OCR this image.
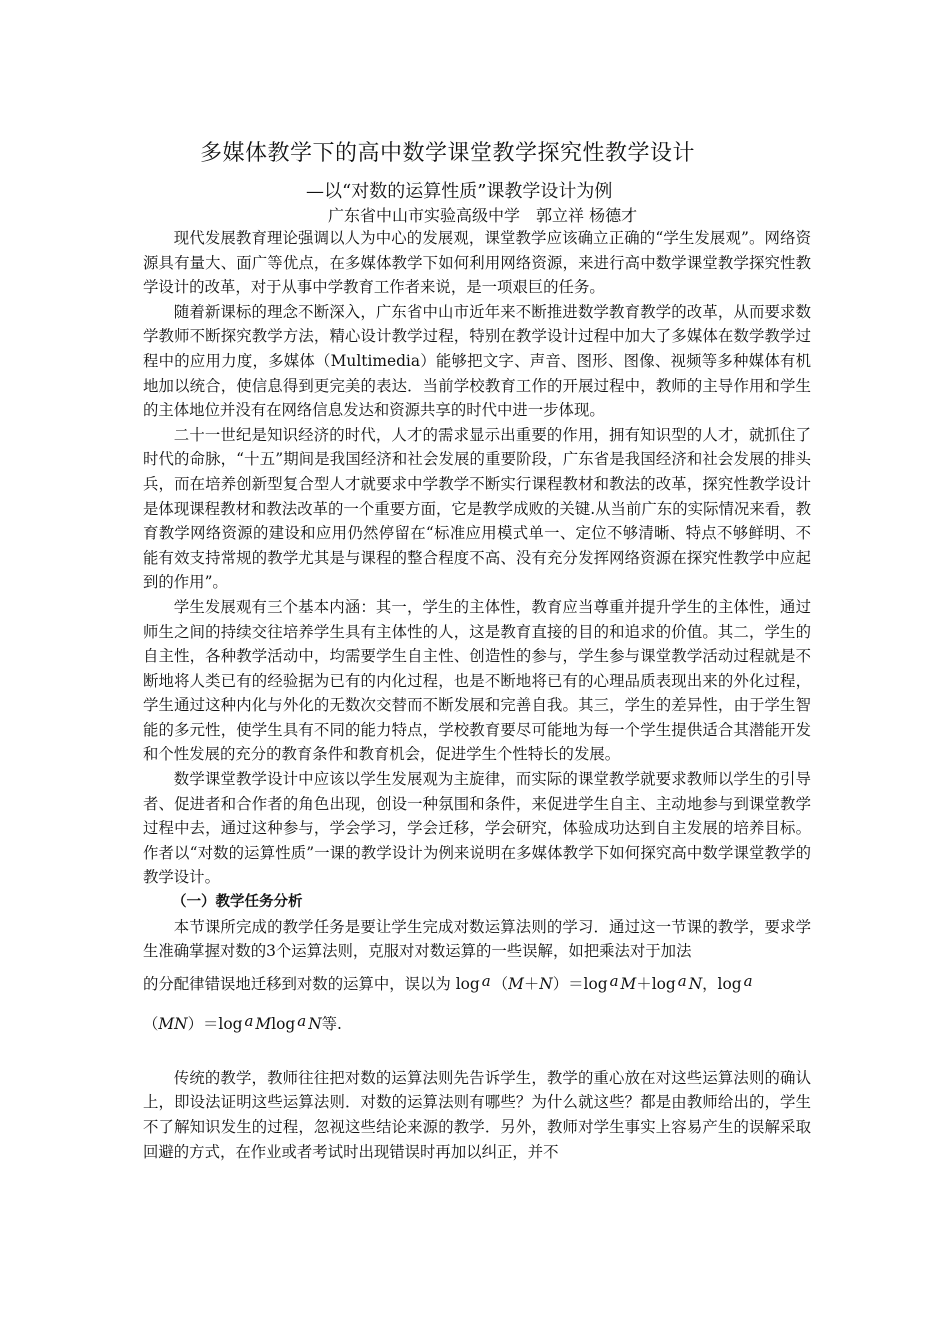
多媒体教学下的高中数学课堂教学探究性教学设计
—以“对数的运算性质”课教学设计为例
广东省中山市实验高级中学　郭立祥 杨德才

现代发展教育理论强调以人为中心的发展观，课堂教学应该确立正确的“学生发展观”。网络资源具有量大、面广等优点，在多媒体教学下如何利用网络资源，来进行高中数学课堂教学探究性教学设计的改革，对于从事中学教育工作者来说，是一项艰巨的任务。

随着新课标的理念不断深入，广东省中山市近年来不断推进数学教育教学的改革，从而要求数学教师不断探究教学方法，精心设计教学过程，特别在教学设计过程中加大了多媒体在数学教学过程中的应用力度，多媒体（Multimedia）能够把文字、声音、图形、图像、视频等多种媒体有机地加以统合，使信息得到更完美的表达．当前学校教育工作的开展过程中，教师的主导作用和学生的主体地位并没有在网络信息发达和资源共享的时代中进一步体现。

二十一世纪是知识经济的时代，人才的需求显示出重要的作用，拥有知识型的人才，就抓住了时代的命脉，“十五”期间是我国经济和社会发展的重要阶段，广东省是我国经济和社会发展的排头兵，而在培养创新型复合型人才就要求中学教学不断实行课程教材和教法的改革，探究性教学设计是体现课程教材和教法改革的一个重要方面，它是教学成败的关键.从当前广东的实际情况来看，教育教学网络资源的建设和应用仍然停留在“标准应用模式单一、定位不够清晰、特点不够鲜明、不能有效支持常规的教学尤其是与课程的整合程度不高、没有充分发挥网络资源在探究性教学中应起到的作用”。

学生发展观有三个基本内涵：其一，学生的主体性，教育应当尊重并提升学生的主体性，通过师生之间的持续交往培养学生具有主体性的人，这是教育直接的目的和追求的价值。其二，学生的自主性，各种教学活动中，均需要学生自主性、创造性的参与，学生参与课堂教学活动过程就是不断地将人类已有的经验据为已有的内化过程，也是不断地将已有的心理品质表现出来的外化过程，学生通过这种内化与外化的无数次交替而不断发展和完善自我。其三，学生的差异性，由于学生智能的多元性，使学生具有不同的能力特点，学校教育要尽可能地为每一个学生提供适合其潜能开发和个性发展的充分的教育条件和教育机会，促进学生个性特长的发展。

数学课堂教学设计中应该以学生发展观为主旋律，而实际的课堂教学就要求教师以学生的引导者、促进者和合作者的角色出现，创设一种氛围和条件，来促进学生自主、主动地参与到课堂教学过程中去，通过这种参与，学会学习，学会迁移，学会研究，体验成功达到自主发展的培养目标。作者以“对数的运算性质”一课的教学设计为例来说明在多媒体教学下如何探究高中数学课堂教学的教学设计。

（一）教学任务分析

本节课所完成的教学任务是要让学生完成对数运算法则的学习．通过这一节课的教学，要求学生准确掌握对数的3个运算法则，克服对对数运算的一些误解，如把乘法对于加法

的分配律错误地迁移到对数的运算中，误以为 log a （M＋N）＝log a M＋log a N，log a

（MN）＝log a Mlog a N等.

传统的教学，教师往往把对数的运算法则先告诉学生，教学的重心放在对这些运算法则的确认上，即设法证明这些运算法则．对数的运算法则有哪些？为什么就这些？都是由教师给出的，学生不了解知识发生的过程，忽视这些结论来源的教学．另外，教师对学生事实上容易产生的误解采取回避的方式，在作业或者考试时出现错误时再加以纠正，并不
